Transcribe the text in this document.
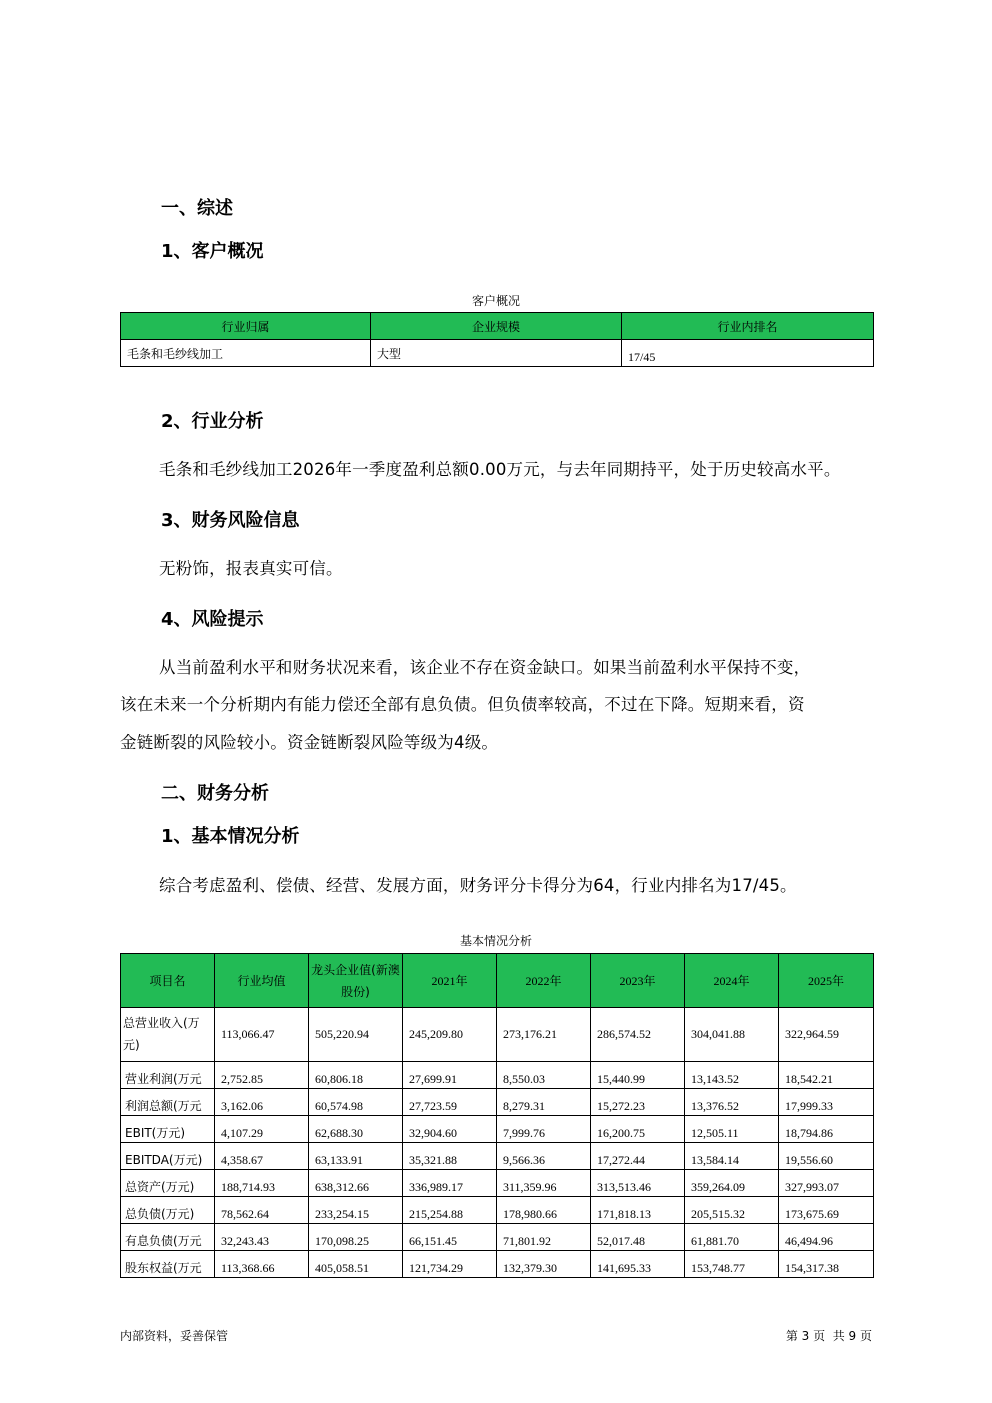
一、综述
1、客户概况
客户概况
行业归属	企业规模	行业内排名
毛条和毛纱线加工	大型	17/45
2、行业分析
毛条和毛纱线加工2026年一季度盈利总额0.00万元，与去年同期持平，处于历史较高水平。
3、财务风险信息
无粉饰，报表真实可信。
4、风险提示
从当前盈利水平和财务状况来看，该企业不存在资金缺口。如果当前盈利水平保持不变，
该在未来一个分析期内有能力偿还全部有息负债。但负债率较高，不过在下降。短期来看，资
金链断裂的风险较小。资金链断裂风险等级为4级。
二、财务分析
1、基本情况分析
综合考虑盈利、偿债、经营、发展方面，财务评分卡得分为64，行业内排名为17/45。
基本情况分析
项目名	行业均值	龙头企业值(新澳股份)	2021年	2022年	2023年	2024年	2025年
总营业收入(万元)	113,066.47	505,220.94	245,209.80	273,176.21	286,574.52	304,041.88	322,964.59
营业利润(万元	2,752.85	60,806.18	27,699.91	8,550.03	15,440.99	13,143.52	18,542.21
利润总额(万元	3,162.06	60,574.98	27,723.59	8,279.31	15,272.23	13,376.52	17,999.33
EBIT(万元)	4,107.29	62,688.30	32,904.60	7,999.76	16,200.75	12,505.11	18,794.86
EBITDA(万元)	4,358.67	63,133.91	35,321.88	9,566.36	17,272.44	13,584.14	19,556.60
总资产(万元)	188,714.93	638,312.66	336,989.17	311,359.96	313,513.46	359,264.09	327,993.07
总负债(万元)	78,562.64	233,254.15	215,254.88	178,980.66	171,818.13	205,515.32	173,675.69
有息负债(万元	32,243.43	170,098.25	66,151.45	71,801.92	52,017.48	61,881.70	46,494.96
股东权益(万元	113,368.66	405,058.51	121,734.29	132,379.30	141,695.33	153,748.77	154,317.38
内部资料，妥善保管	第 3 页  共 9 页
